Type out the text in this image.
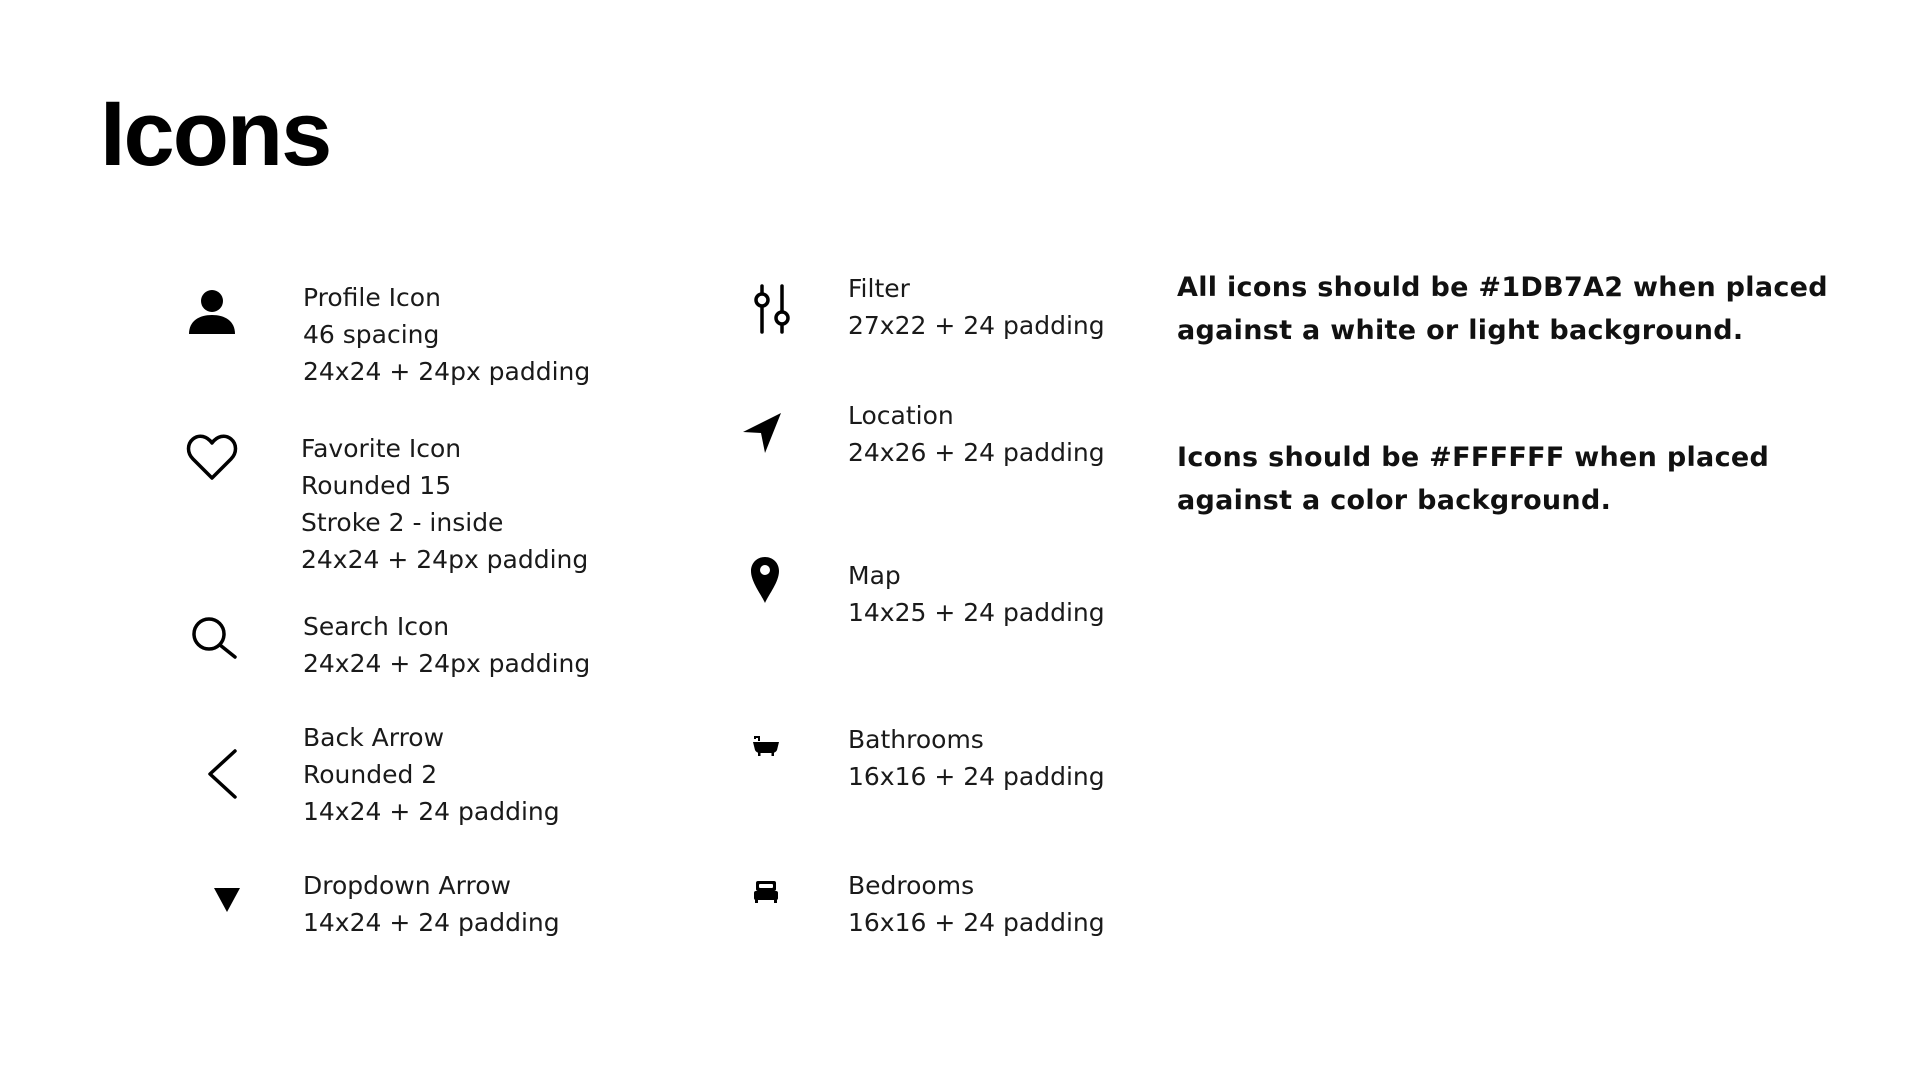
Icons
Profile Icon
46 spacing
24x24 + 24px padding
Favorite Icon
Rounded 15
Stroke 2 - inside
24x24 + 24px padding
Search Icon
24x24 + 24px padding
Back Arrow
Rounded 2
14x24 + 24 padding
Dropdown Arrow
14x24 + 24 padding
Filter
27x22 + 24 padding
Location
24x26 + 24 padding
Map
14x25 + 24 padding
Bathrooms
16x16 + 24 padding
Bedrooms
16x16 + 24 padding

All icons should be #1DB7A2 when placed against a white or light background.

Icons should be #FFFFFF when placed against a color background.
